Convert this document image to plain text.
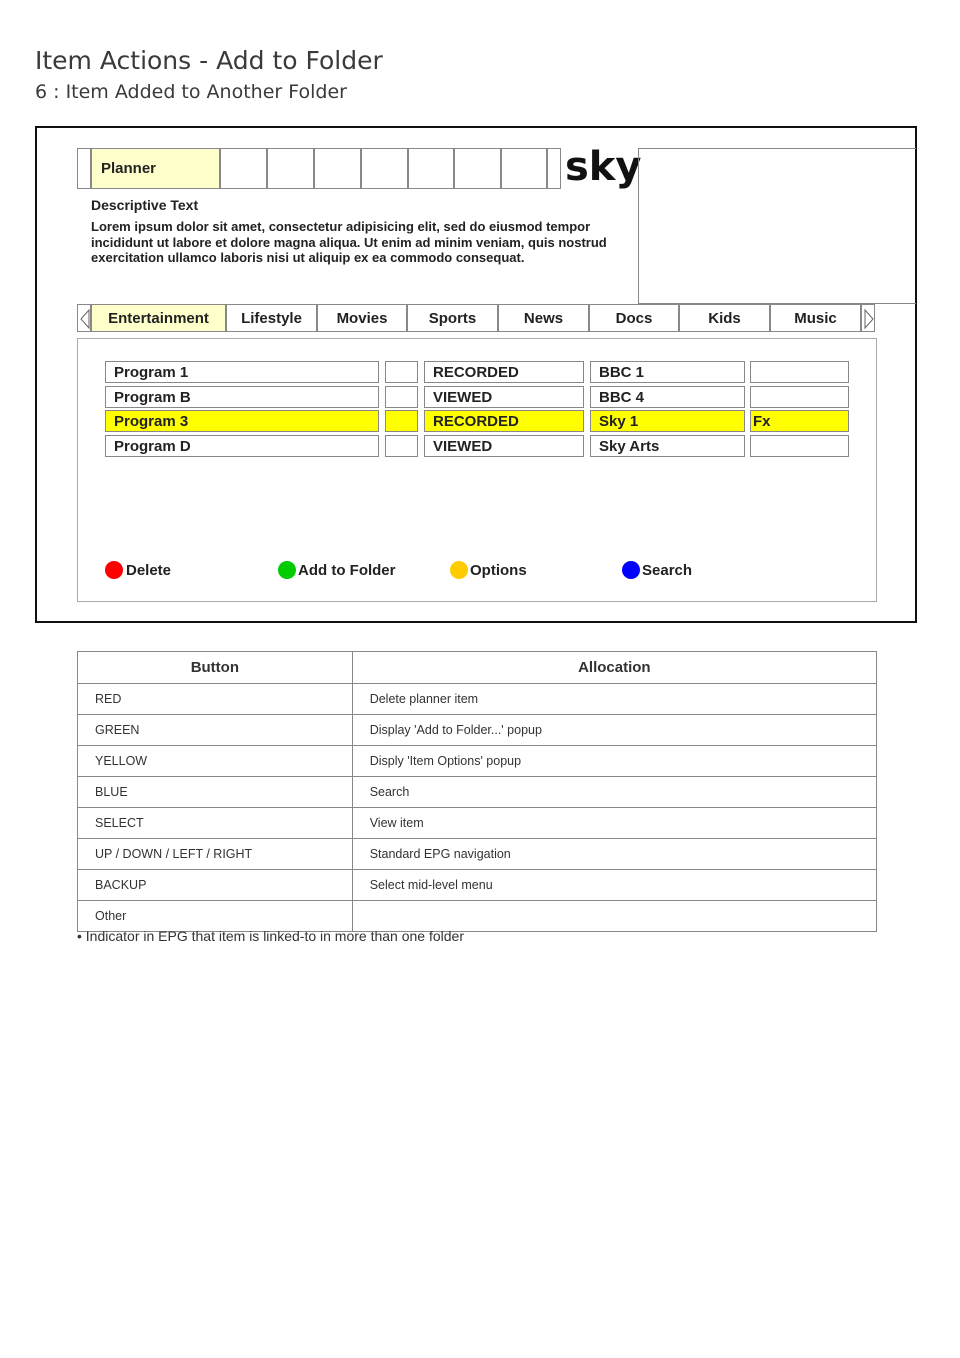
Item Actions - Add to Folder
6 : Item Added to Another Folder
Planner	sky
Descriptive Text
Lorem ipsum dolor sit amet, consectetur adipisicing elit, sed do eiusmod tempor incididunt ut labore et dolore magna aliqua. Ut enim ad minim veniam, quis nostrud exercitation ullamco laboris nisi ut aliquip ex ea commodo consequat.
Entertainment	Lifestyle	Movies	Sports	News	Docs	Kids	Music
Program 1	RECORDED	BBC 1
Program B	VIEWED	BBC 4
Program 3	RECORDED	Sky 1	Fx
Program D	VIEWED	Sky Arts
Delete	Add to Folder	Options	Search
Button	Allocation
RED	Delete planner item
GREEN	Display 'Add to Folder...' popup
YELLOW	Disply 'Item Options' popup
BLUE	Search
SELECT	View item
UP / DOWN / LEFT / RIGHT	Standard EPG navigation
BACKUP	Select mid-level menu
Other	
• Indicator in EPG that item is linked-to in more than one folder
